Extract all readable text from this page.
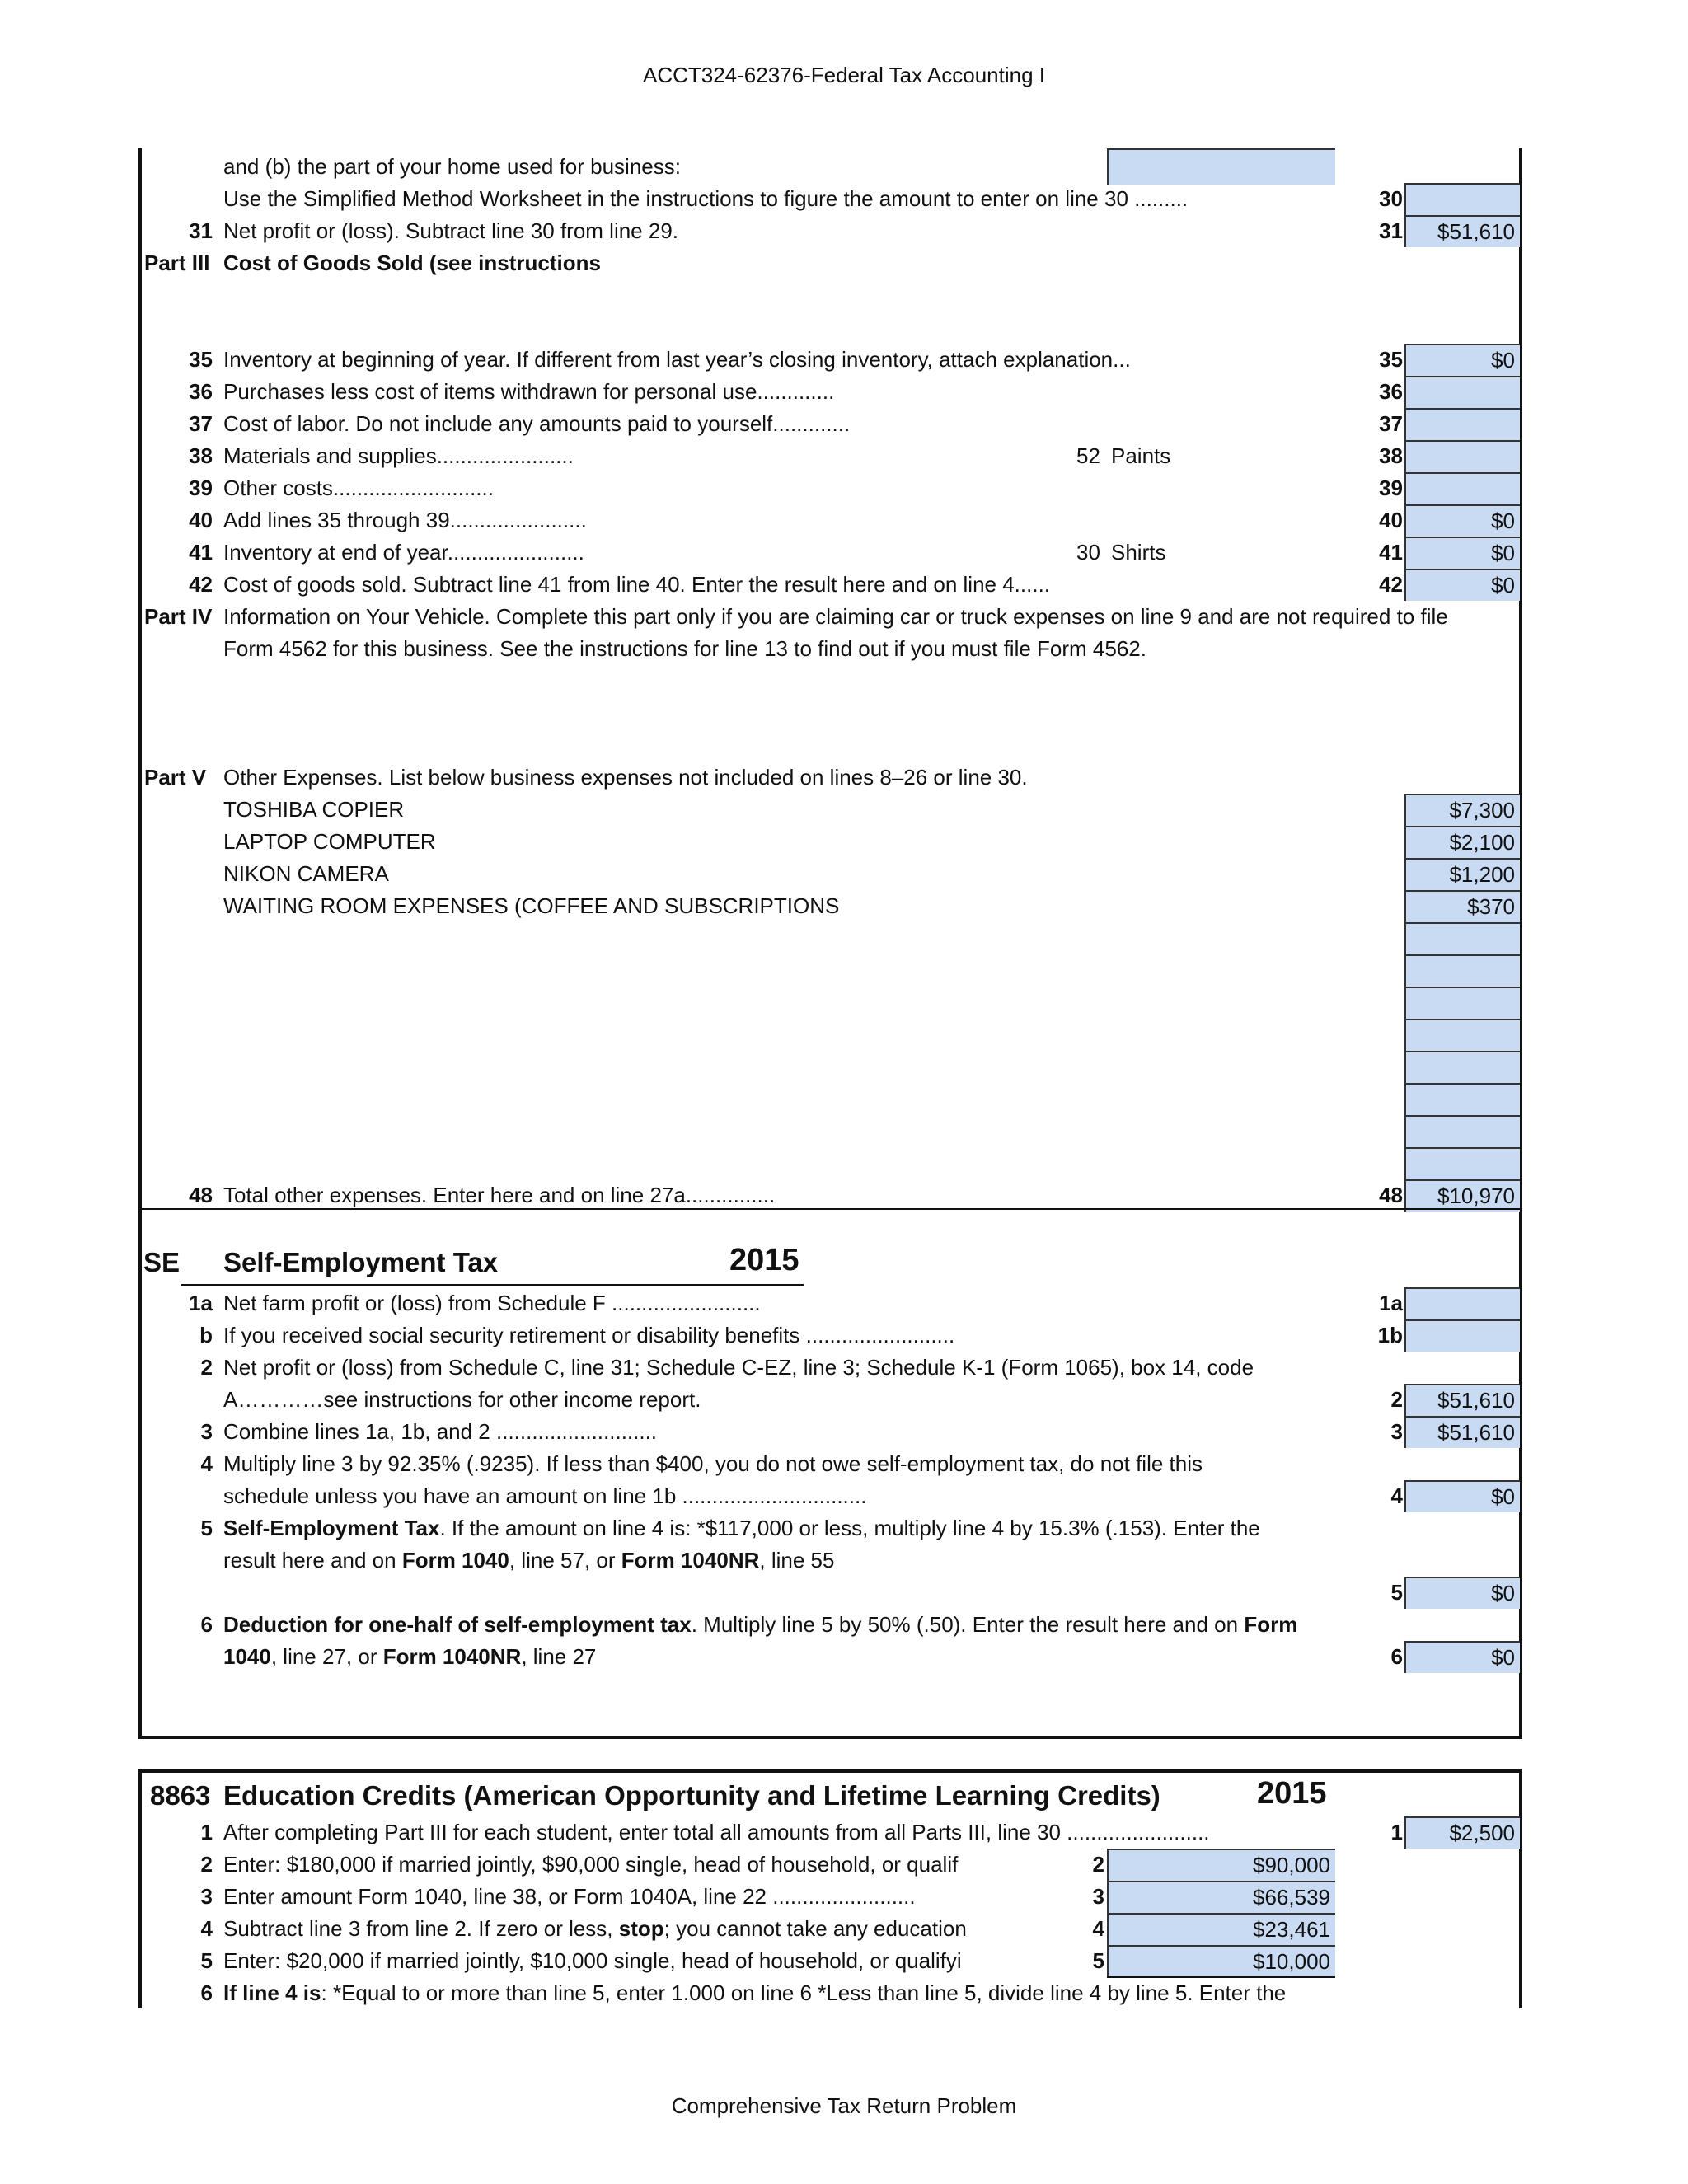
ACCT324-62376-Federal Tax Accounting I
and (b) the part of your home used for business:
Use the Simplified Method Worksheet in the instructions to figure the amount to enter on line 30 .........	30
31 Net profit or (loss). Subtract line 30 from line 29.	31	$51,610
Part III Cost of Goods Sold (see instructions
35 Inventory at beginning of year. If different from last year’s closing inventory, attach explanation...	35	$0
36 Purchases less cost of items withdrawn for personal use.............	36
37 Cost of labor. Do not include any amounts paid to yourself.............	37
38 Materials and supplies.......................	52 Paints	38
39 Other costs...........................	39
40 Add lines 35 through 39.......................	40	$0
41 Inventory at end of year.......................	30 Shirts	41	$0
42 Cost of goods sold. Subtract line 41 from line 40. Enter the result here and on line 4......	42	$0
Part IV Information on Your Vehicle. Complete this part only if you are claiming car or truck expenses on line 9 and are not required to file
Form 4562 for this business. See the instructions for line 13 to find out if you must file Form 4562.
Part V Other Expenses. List below business expenses not included on lines 8–26 or line 30.
TOSHIBA COPIER	$7,300
LAPTOP COMPUTER	$2,100
NIKON CAMERA	$1,200
WAITING ROOM EXPENSES (COFFEE AND SUBSCRIPTIONS	$370
48 Total other expenses. Enter here and on line 27a...............	48	$10,970
SE Self-Employment Tax	2015
1a Net farm profit or (loss) from Schedule F .........................	1a
b If you received social security retirement or disability benefits .........................	1b
2 Net profit or (loss) from Schedule C, line 31; Schedule C-EZ, line 3; Schedule K-1 (Form 1065), box 14, code
A…………see instructions for other income report.	2	$51,610
3 Combine lines 1a, 1b, and 2 ...........................	3	$51,610
4 Multiply line 3 by 92.35% (.9235). If less than $400, you do not owe self-employment tax, do not file this
schedule unless you have an amount on line 1b ...............................	4	$0
5 Self-Employment Tax. If the amount on line 4 is: *$117,000 or less, multiply line 4 by 15.3% (.153). Enter the
result here and on Form 1040, line 57, or Form 1040NR, line 55
5	$0
6 Deduction for one-half of self-employment tax. Multiply line 5 by 50% (.50). Enter the result here and on Form
1040, line 27, or Form 1040NR, line 27	6	$0
8863 Education Credits (American Opportunity and Lifetime Learning Credits)	2015
1 After completing Part III for each student, enter total all amounts from all Parts III, line 30 ........................	1	$2,500
2 Enter: $180,000 if married jointly, $90,000 single, head of household, or qualif	2	$90,000
3 Enter amount Form 1040, line 38, or Form 1040A, line 22 ........................	3	$66,539
4 Subtract line 3 from line 2. If zero or less, stop; you cannot take any education	4	$23,461
5 Enter: $20,000 if married jointly, $10,000 single, head of household, or qualifyi	5	$10,000
6 If line 4 is: *Equal to or more than line 5, enter 1.000 on line 6 *Less than line 5, divide line 4 by line 5. Enter the
Comprehensive Tax Return Problem
